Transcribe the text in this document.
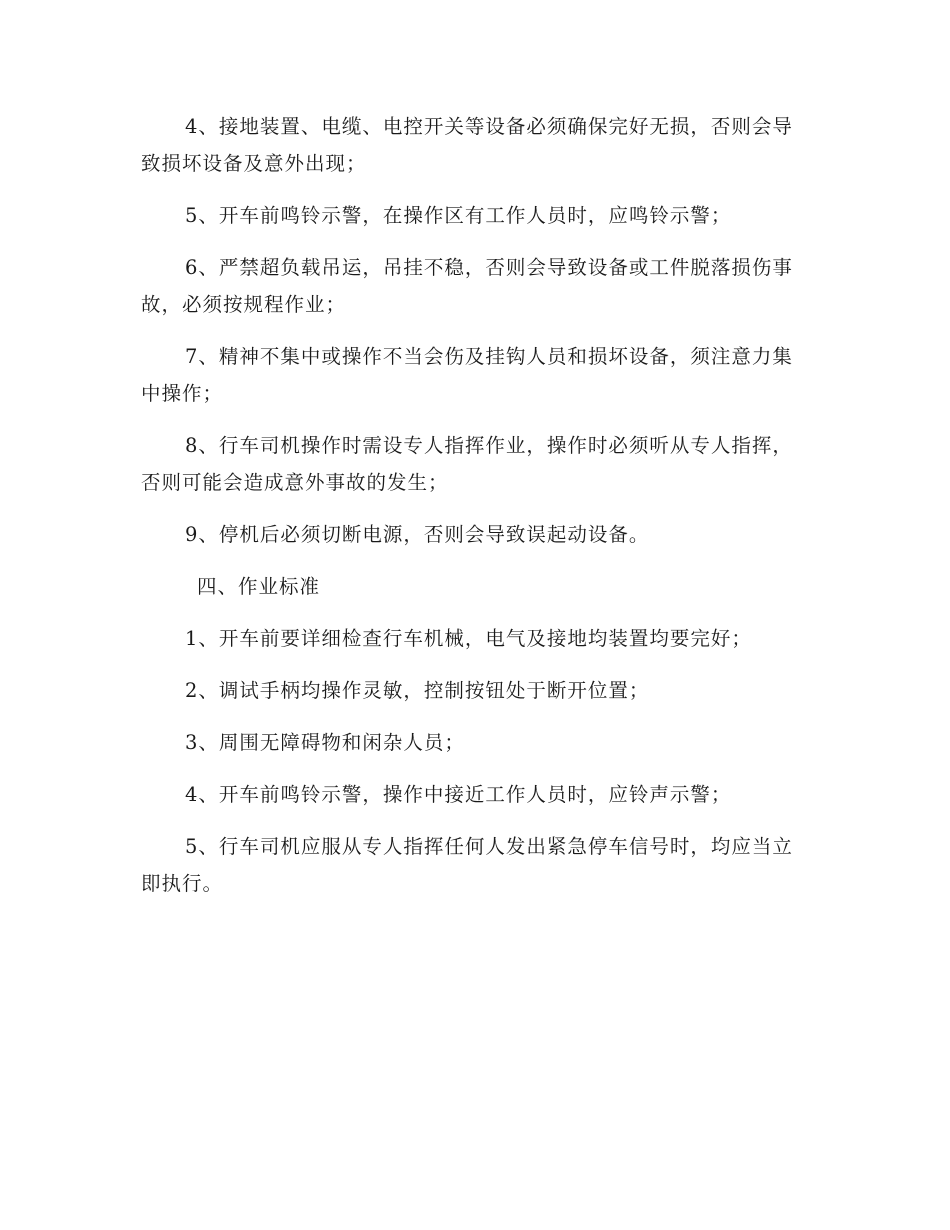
4、接地装置、电缆、电控开关等设备必须确保完好无损，否则会导致损坏设备及意外出现；

5、开车前鸣铃示警，在操作区有工作人员时，应鸣铃示警；

6、严禁超负载吊运，吊挂不稳，否则会导致设备或工件脱落损伤事故，必须按规程作业；

7、精神不集中或操作不当会伤及挂钩人员和损坏设备，须注意力集中操作；

8、行车司机操作时需设专人指挥作业，操作时必须听从专人指挥，否则可能会造成意外事故的发生；

9、停机后必须切断电源，否则会导致误起动设备。

四、作业标准

1、开车前要详细检查行车机械，电气及接地均装置均要完好；

2、调试手柄均操作灵敏，控制按钮处于断开位置；

3、周围无障碍物和闲杂人员；

4、开车前鸣铃示警，操作中接近工作人员时，应铃声示警；

5、行车司机应服从专人指挥任何人发出紧急停车信号时，均应当立即执行。
